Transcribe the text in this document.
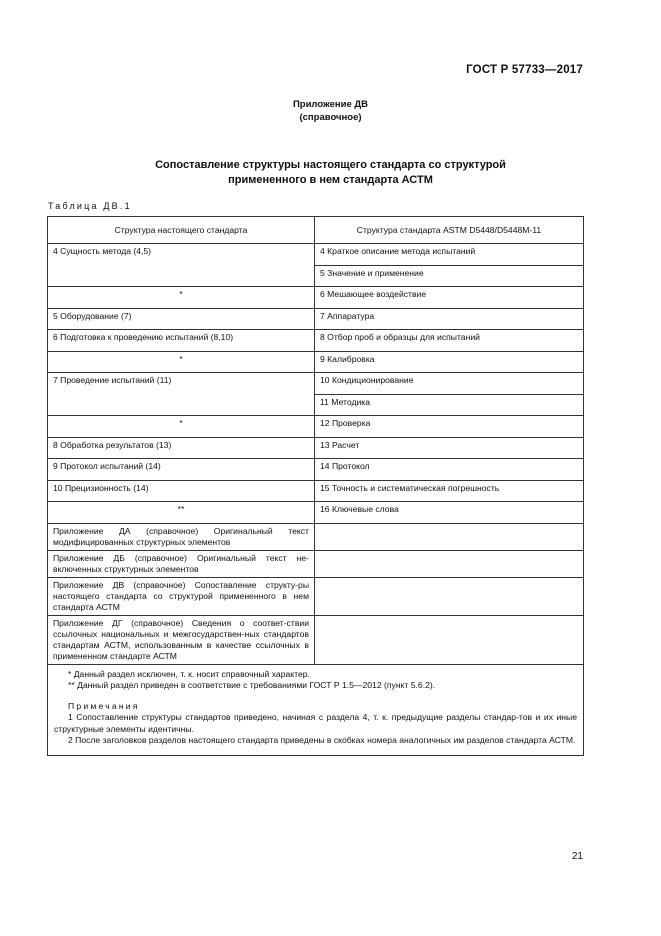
ГОСТ Р 57733—2017
Приложение ДВ
(справочное)
Сопоставление структуры настоящего стандарта со структурой
примененного в нем стандарта АСТМ
Таблица ДВ.1
Структура настоящего стандарта	Структура стандарта ASTM D5448/D5448M-11
4 Сущность метода (4,5)	4 Краткое описание метода испытаний
	5 Значение и применение
*	6 Мешающее воздействие
5 Оборудование (7)	7 Аппаратура
6 Подготовка к проведению испытаний (8,10)	8 Отбор проб и образцы для испытаний
*	9 Калибровка
7 Проведение испытаний (11)	10 Кондиционирование
	11 Методика
*	12 Проверка
8 Обработка результатов (13)	13 Расчет
9 Протокол испытаний (14)	14 Протокол
10 Прецизионность (14)	15 Точность и систематическая погрешность
**	16 Ключевые слова
Приложение ДА (справочное) Оригинальный текст модифицированных структурных элементов	
Приложение ДБ (справочное) Оригинальный текст не-включенных структурных элементов	
Приложение ДВ (справочное) Сопоставление структу-ры настоящего стандарта со структурой примененного в нем стандарта АСТМ	
Приложение ДГ (справочное) Сведения о соответ-ствии ссылочных национальных и межгосударствен-ных стандартов стандартам АСТМ, использованным в качестве ссылочных в примененном стандарте АСТМ	

* Данный раздел исключен, т. к. носит справочный характер.
** Данный раздел приведен в соответствие с требованиями ГОСТ Р 1.5—2012 (пункт 5.6.2).
Примечания
1 Сопоставление структуры стандартов приведено, начиная с раздела 4, т. к. предыдущие разделы стандар-тов и их иные структурные элементы идентичны.
2 После заголовков разделов настоящего стандарта приведены в скобках номера аналогичных им разделов стандарта АСТМ.	
21
